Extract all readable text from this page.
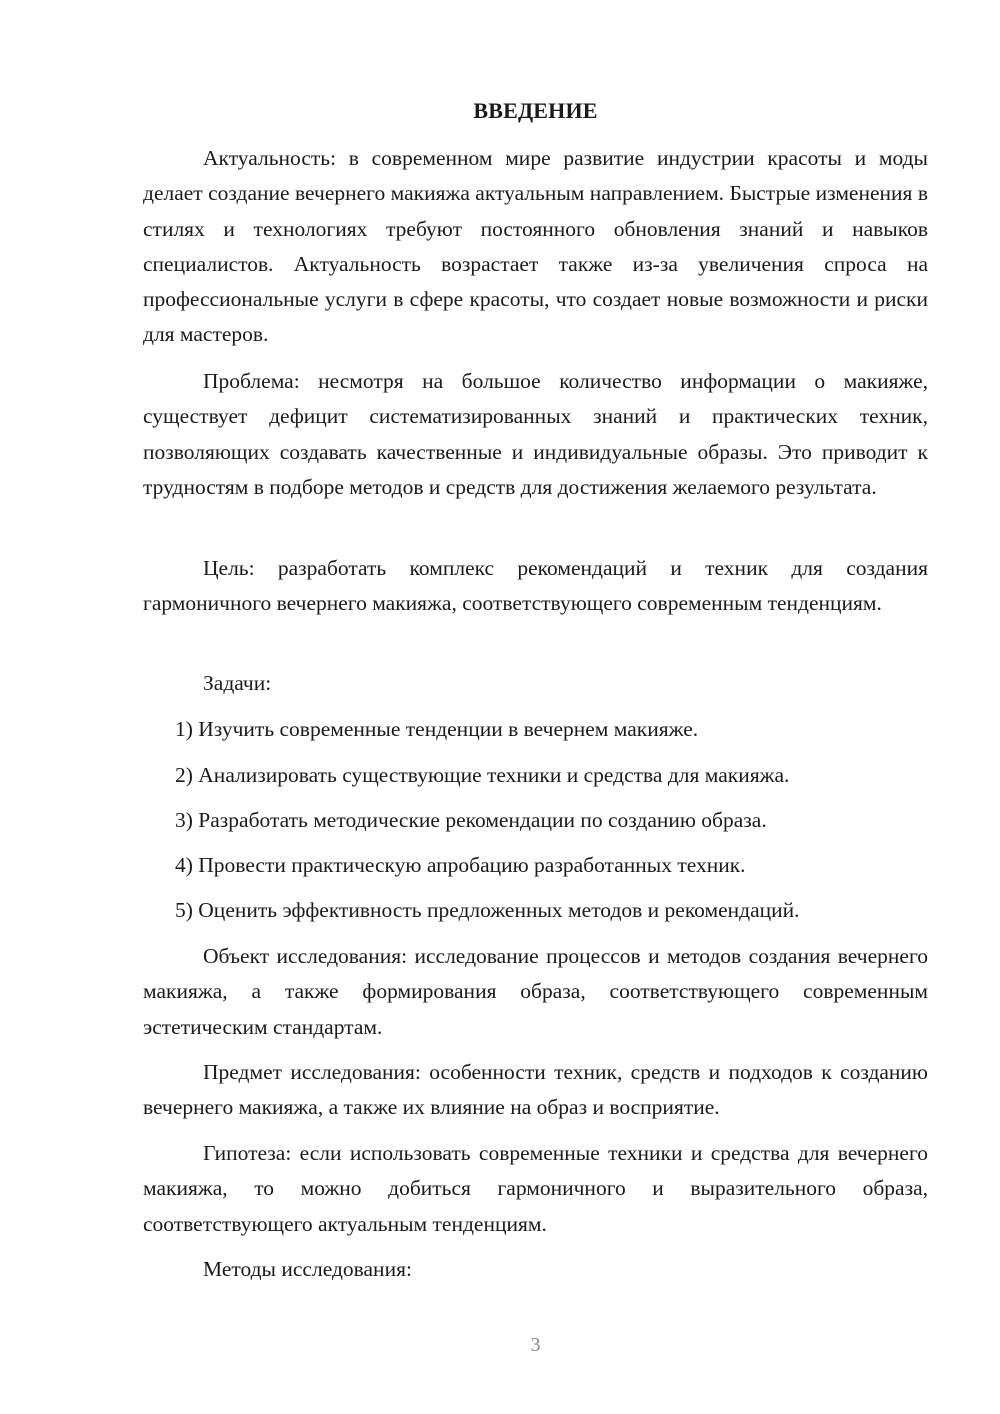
ВВЕДЕНИЕ

Актуальность: в современном мире развитие индустрии красоты и моды делает создание вечернего макияжа актуальным направлением. Быстрые изменения в стилях и технологиях требуют постоянного обновления знаний и навыков специалистов. Актуальность возрастает также из-за увеличения спроса на профессиональные услуги в сфере красоты, что создает новые возможности и риски для мастеров.

Проблема: несмотря на большое количество информации о макияже, существует дефицит систематизированных знаний и практических техник, позволяющих создавать качественные и индивидуальные образы. Это приводит к трудностям в подборе методов и средств для достижения желаемого результата.

Цель: разработать комплекс рекомендаций и техник для создания гармоничного вечернего макияжа, соответствующего современным тенденциям.

Задачи:

1) Изучить современные тенденции в вечернем макияже.

2) Анализировать существующие техники и средства для макияжа.

3) Разработать методические рекомендации по созданию образа.

4) Провести практическую апробацию разработанных техник.

5) Оценить эффективность предложенных методов и рекомендаций.

Объект исследования: исследование процессов и методов создания вечернего макияжа, а также формирования образа, соответствующего современным эстетическим стандартам.

Предмет исследования: особенности техник, средств и подходов к созданию вечернего макияжа, а также их влияние на образ и восприятие.

Гипотеза: если использовать современные техники и средства для вечернего макияжа, то можно добиться гармоничного и выразительного образа, соответствующего актуальным тенденциям.

Методы исследования:

3
